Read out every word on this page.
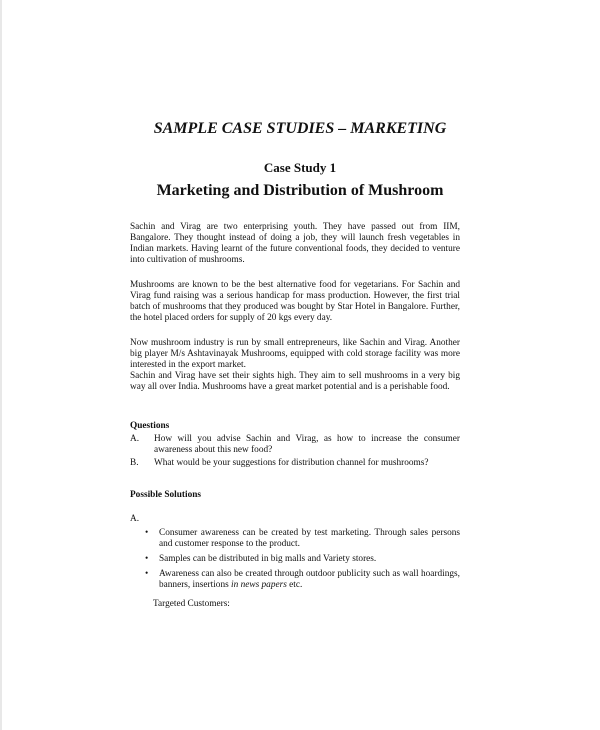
SAMPLE CASE STUDIES – MARKETING
Case Study 1
Marketing and Distribution of Mushroom
Sachin and Virag are two enterprising youth. They have passed out from IIM, Bangalore. They thought instead of doing a job, they will launch fresh vegetables in Indian markets. Having learnt of the future conventional foods, they decided to venture into cultivation of mushrooms.
Mushrooms are known to be the best alternative food for vegetarians. For Sachin and Virag fund raising was a serious handicap for mass production. However, the first trial batch of mushrooms that they produced was bought by Star Hotel in Bangalore. Further, the hotel placed orders for supply of 20 kgs every day.
Now mushroom industry is run by small entrepreneurs, like Sachin and Virag. Another big player M/s Ashtavinayak Mushrooms, equipped with cold storage facility was more interested in the export market.
Sachin and Virag have set their sights high. They aim to sell mushrooms in a very big way all over India. Mushrooms have a great market potential and is a perishable food.
Questions
A. How will you advise Sachin and Virag, as how to increase the consumer awareness about this new food?
B. What would be your suggestions for distribution channel for mushrooms?
Possible Solutions
A.
• Consumer awareness can be created by test marketing. Through sales persons and customer response to the product.
• Samples can be distributed in big malls and Variety stores.
• Awareness can also be created through outdoor publicity such as wall hoardings, banners, insertions in news papers etc.
Targeted Customers:
